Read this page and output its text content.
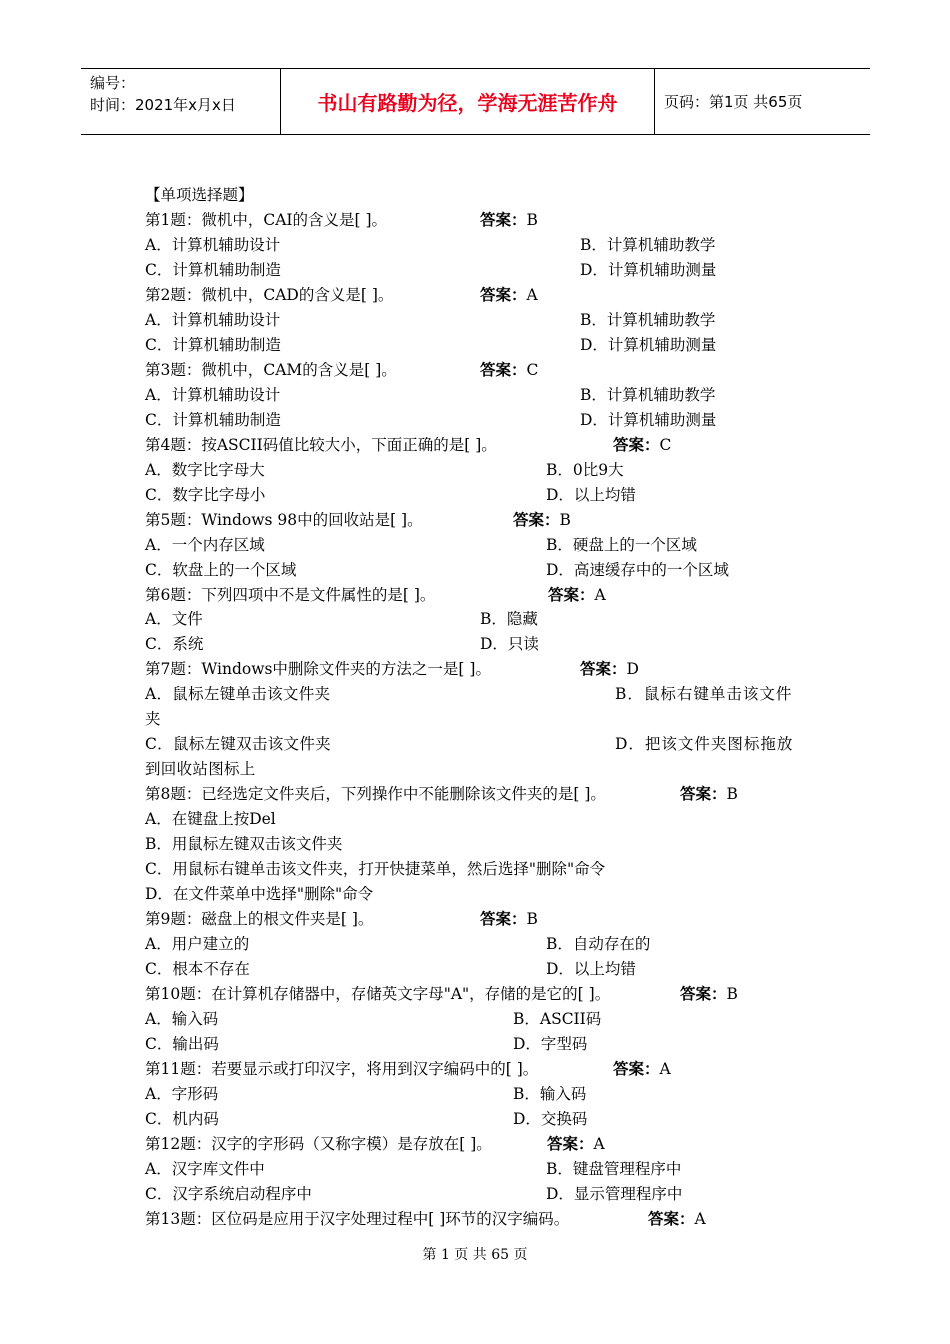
编号：
时间：2021年x月x日	书山有路勤为径，学海无涯苦作舟	页码：第1页 共65页
【单项选择题】
第1题：微机中，CAI的含义是[ ]。	答案：B
A．计算机辅助设计	B．计算机辅助教学
C．计算机辅助制造	D．计算机辅助测量
第2题：微机中，CAD的含义是[ ]。	答案：A
A．计算机辅助设计	B．计算机辅助教学
C．计算机辅助制造	D．计算机辅助测量
第3题：微机中，CAM的含义是[ ]。	答案：C
A．计算机辅助设计	B．计算机辅助教学
C．计算机辅助制造	D．计算机辅助测量
第4题：按ASCII码值比较大小，下面正确的是[ ]。	答案：C
A．数字比字母大	B．0比9大
C．数字比字母小	D．以上均错
第5题：Windows 98中的回收站是[ ]。	答案：B
A．一个内存区域	B．硬盘上的一个区域
C．软盘上的一个区域	D．高速缓存中的一个区域
第6题：下列四项中不是文件属性的是[ ]。	答案：A
A．文件	B．隐藏
C．系统	D．只读
第7题：Windows中删除文件夹的方法之一是[ ]。	答案：D
A．鼠标左键单击该文件夹	B．鼠标右键单击该文件
夹
C．鼠标左键双击该文件夹	D．把该文件夹图标拖放
到回收站图标上
第8题：已经选定文件夹后，下列操作中不能删除该文件夹的是[ ]。	答案：B
A．在键盘上按Del
B．用鼠标左键双击该文件夹
C．用鼠标右键单击该文件夹，打开快捷菜单，然后选择"删除"命令
D．在文件菜单中选择"删除"命令
第9题：磁盘上的根文件夹是[ ]。	答案：B
A．用户建立的	B．自动存在的
C．根本不存在	D．以上均错
第10题：在计算机存储器中，存储英文字母"A"，存储的是它的[ ]。	答案：B
A．输入码	B．ASCII码
C．输出码	D．字型码
第11题：若要显示或打印汉字，将用到汉字编码中的[ ]。	答案：A
A．字形码	B．输入码
C．机内码	D．交换码
第12题：汉字的字形码（又称字模）是存放在[ ]。	答案：A
A．汉字库文件中	B．键盘管理程序中
C．汉字系统启动程序中	D．显示管理程序中
第13题：区位码是应用于汉字处理过程中[ ]环节的汉字编码。	答案：A
第 1 页 共 65 页
